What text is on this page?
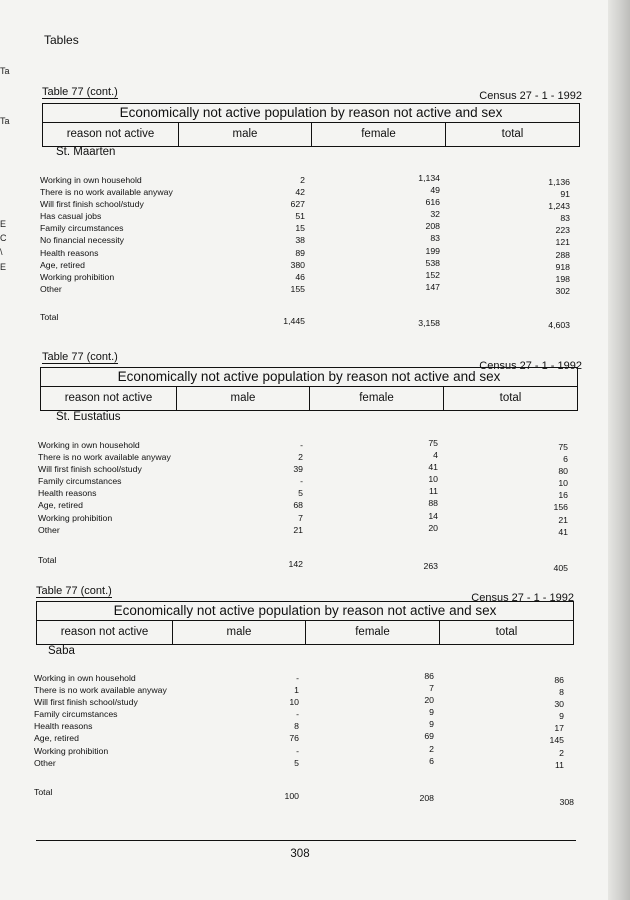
Ta
Ta
E
C
\
E
Tables
Table 77 (cont.)	Census 27 - 1 - 1992
Economically not active population by reason not active and sex
reason not active	male	female	total
St. Maarten
Working in own household	2	1,134	1,136
There is no work available anyway	42	49	91
Will first finish school/study	627	616	1,243
Has casual jobs	51	32	83
Family circumstances	15	208	223
No financial necessity	38	83	121
Health reasons	89	199	288
Age, retired	380	538	918
Working prohibition	46	152	198
Other	155	147	302
Total	1,445	3,158	4,603
Table 77 (cont.)
Census 27 - 1 - 1992
Economically not active population by reason not active and sex
reason not active	male	female	total
St. Eustatius
Working in own household	-	75	75
There is no work available anyway	2	4	6
Will first finish school/study	39	41	80
Family circumstances	-	10	10
Health reasons	5	11	16
Age, retired	68	88	156
Working prohibition	7	14	21
Other	21	20	41
Total	142	263	405
Table 77 (cont.)
Census 27 - 1 - 1992
Economically not active population by reason not active and sex
reason not active	male	female	total
Saba
Working in own household	-	86	86
There is no work available anyway	1	7	8
Will first finish school/study	10	20	30
Family circumstances	-	9	9
Health reasons	8	9	17
Age, retired	76	69	145
Working prohibition	-	2	2
Other	5	6	11
Total	100	208	308
308
